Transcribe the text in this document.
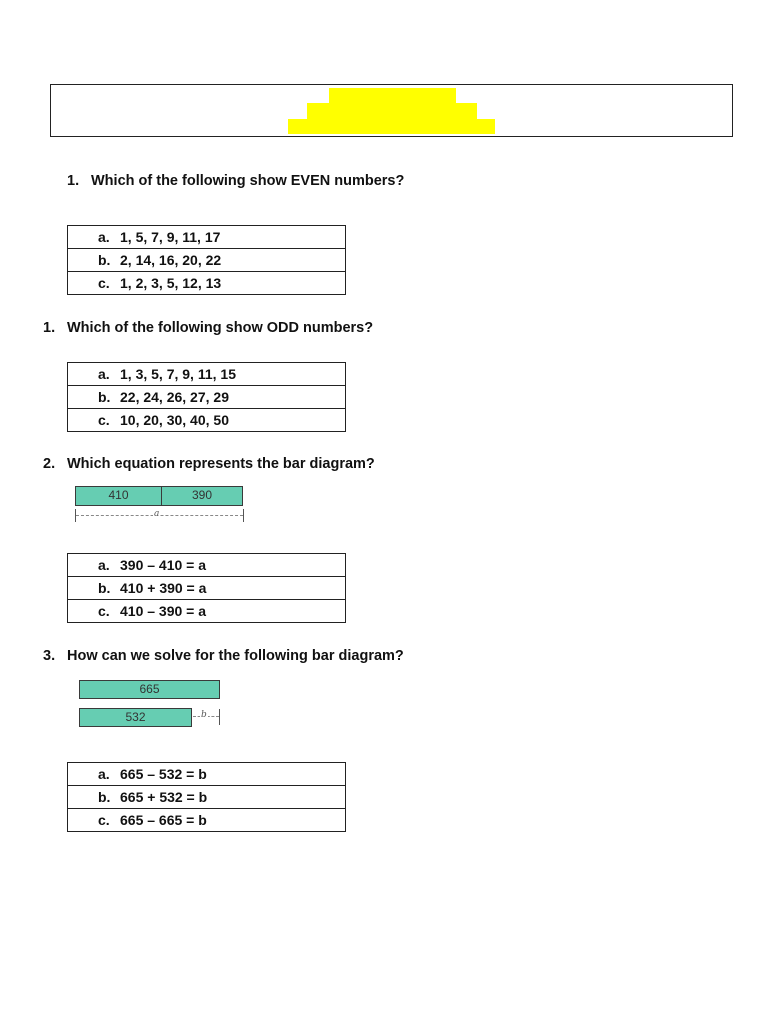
1. Which of the following show EVEN numbers?
a. 1, 5, 7, 9, 11, 17
b. 2, 14, 16, 20, 22
c. 1, 2, 3, 5, 12, 13
1. Which of the following show ODD numbers?
a. 1, 3, 5, 7, 9, 11, 15
b. 22, 24, 26, 27, 29
c. 10, 20, 30, 40, 50
2. Which equation represents the bar diagram?
410	390
a
a. 390 – 410 = a
b. 410 + 390 = a
c. 410 – 390 = a
3. How can we solve for the following bar diagram?
665
532	b
a. 665 – 532 = b
b. 665 + 532 = b
c. 665 – 665 = b
